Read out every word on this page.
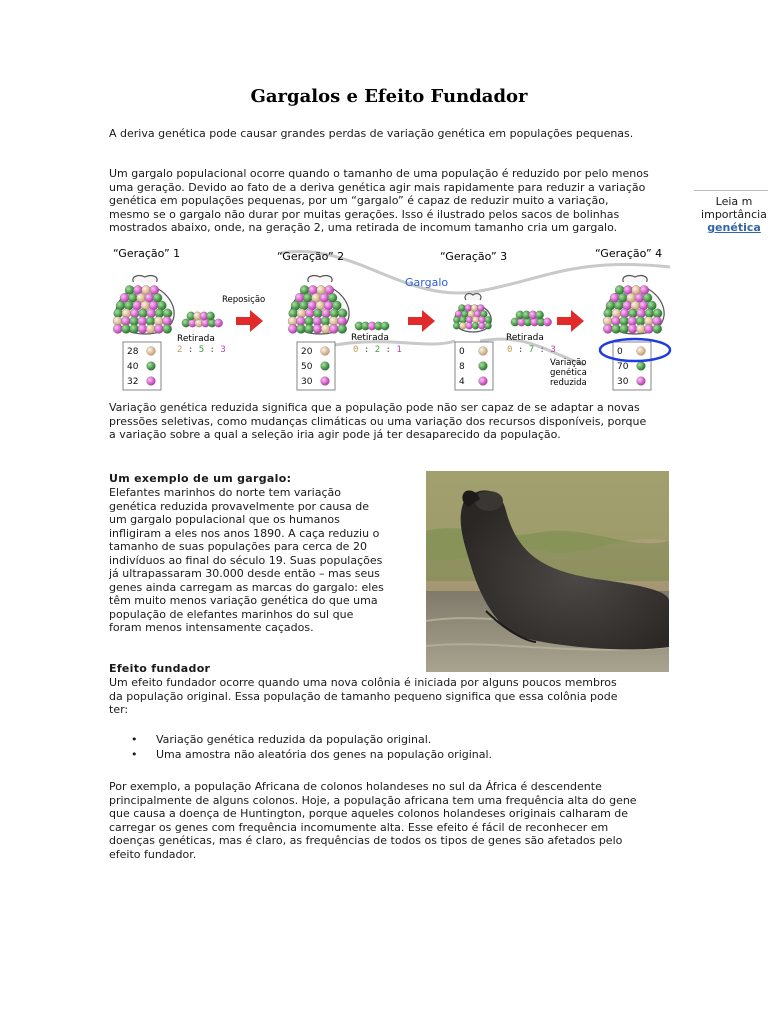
Gargalos e Efeito Fundador

A deriva genética pode causar grandes perdas de variação genética em populações pequenas.

Um gargalo populacional ocorre quando o tamanho de uma população é reduzido por pelo menos uma geração. Devido ao fato de a deriva genética agir mais rapidamente para reduzir a variação genética em populações pequenas, por um “gargalo” é capaz de reduzir muito a variação, mesmo se o gargalo não durar por muitas gerações. Isso é ilustrado pelos sacos de bolinhas mostrados abaixo, onde, na geração 2, uma retirada de incomum tamanho cria um gargalo.

Leia m
importância
genética
Gargalo
“Geração” 1	“Geração” 2	“Geração” 3	“Geração” 4
Reposição
Retirada	Retirada	Retirada
2 : 5 : 3	0 : 2 : 1	0 : 7 : 3
28
40
32
20
50
30
0
8
4
0
70
30
Variação
genética
reduzida

Variação genética reduzida significa que a população pode não ser capaz de se adaptar a novas pressões seletivas, como mudanças climáticas ou uma variação dos recursos disponíveis, porque a variação sobre a qual a seleção iria agir pode já ter desaparecido da população.

Um exemplo de um gargalo:

Elefantes marinhos do norte tem variação genética reduzida provavelmente por causa de um gargalo populacional que os humanos infligiram a eles nos anos 1890. A caça reduziu o tamanho de suas populações para cerca de 20 indivíduos ao final do século 19. Suas populações já ultrapassaram 30.000 desde então – mas seus genes ainda carregam as marcas do gargalo: eles têm muito menos variação genética do que uma população de elefantes marinhos do sul que foram menos intensamente caçados.

Efeito fundador

Um efeito fundador ocorre quando uma nova colônia é iniciada por alguns poucos membros da população original. Essa população de tamanho pequeno significa que essa colônia pode ter:

• Variação genética reduzida da população original.
• Uma amostra não aleatória dos genes na população original.

Por exemplo, a população Africana de colonos holandeses no sul da África é descendente principalmente de alguns colonos. Hoje, a população africana tem uma frequência alta do gene que causa a doença de Huntington, porque aqueles colonos holandeses originais calharam de carregar os genes com frequência incomumente alta. Esse efeito é fácil de reconhecer em doenças genéticas, mas é claro, as frequências de todos os tipos de genes são afetados pelo efeito fundador.
